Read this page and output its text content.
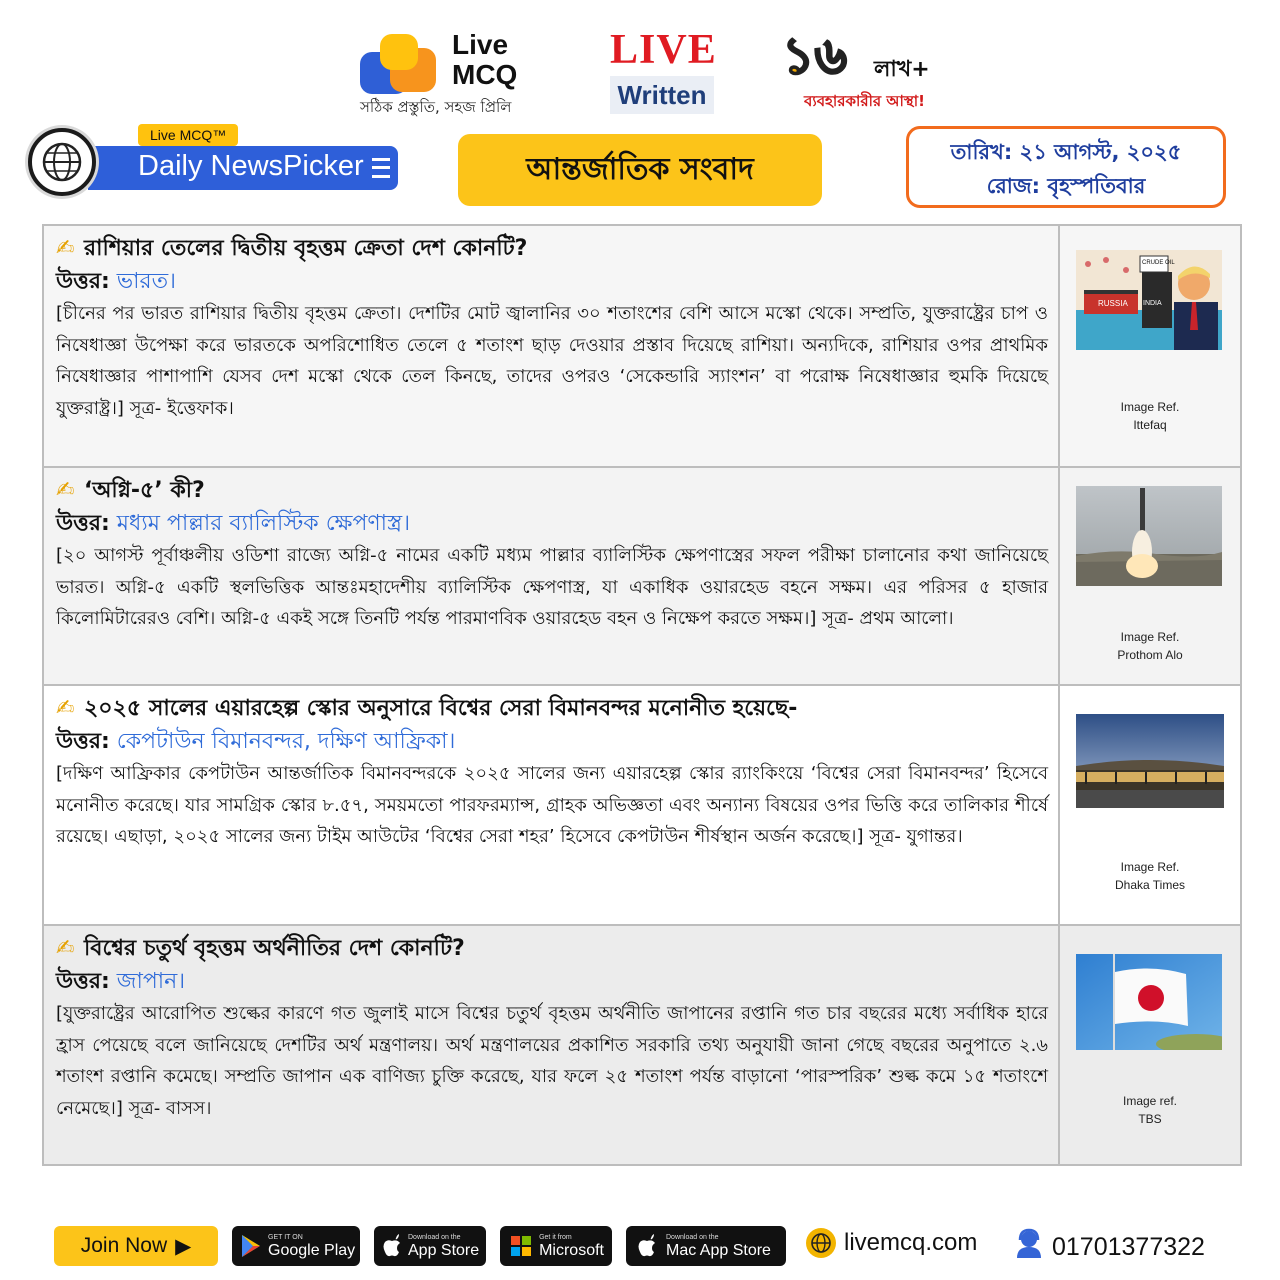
Live
MCQ
সঠিক প্রস্তুতি, সহজ প্রিলি
LIVE
Written
১৬ লাখ+
ব্যবহারকারীর আস্থা!
Live MCQ™
Daily NewsPicker	আন্তর্জাতিক সংবাদ	তারিখ: ২১ আগস্ট, ২০২৫
রোজ: বৃহস্পতিবার
✍ রাশিয়ার তেলের দ্বিতীয় বৃহত্তম ক্রেতা দেশ কোনটি?
উত্তর: ভারত।
[চীনের পর ভারত রাশিয়ার দ্বিতীয় বৃহত্তম ক্রেতা। দেশটির মোট জ্বালানির ৩০ শতাংশের বেশি আসে মস্কো থেকে। সম্প্রতি, যুক্তরাষ্ট্রের চাপ ও নিষেধাজ্ঞা উপেক্ষা করে ভারতকে অপরিশোধিত তেলে ৫ শতাংশ ছাড় দেওয়ার প্রস্তাব দিয়েছে রাশিয়া। অন্যদিকে, রাশিয়ার ওপর প্রাথমিক নিষেধাজ্ঞার পাশাপাশি যেসব দেশ মস্কো থেকে তেল কিনছে, তাদের ওপরও ‘সেকেন্ডারি স্যাংশন’ বা পরোক্ষ নিষেধাজ্ঞার হুমকি দিয়েছে যুক্তরাষ্ট্র।] সূত্র- ইত্তেফাক।
RUSSIA INDIA
CRUDE OIL
Image Ref.
Ittefaq
✍ ‘অগ্নি-৫’ কী?
উত্তর: মধ্যম পাল্লার ব্যালিস্টিক ক্ষেপণাস্ত্র।
[২০ আগস্ট পূর্বাঞ্চলীয় ওডিশা রাজ্যে অগ্নি-৫ নামের একটি মধ্যম পাল্লার ব্যালিস্টিক ক্ষেপণাস্ত্রের সফল পরীক্ষা চালানোর কথা জানিয়েছে ভারত। অগ্নি-৫ একটি স্থলভিত্তিক আন্তঃমহাদেশীয় ব্যালিস্টিক ক্ষেপণাস্ত্র, যা একাধিক ওয়ারহেড বহনে সক্ষম। এর পরিসর ৫ হাজার কিলোমিটারেরও বেশি। অগ্নি-৫ একই সঙ্গে তিনটি পর্যন্ত পারমাণবিক ওয়ারহেড বহন ও নিক্ষেপ করতে সক্ষম।] সূত্র- প্রথম আলো।
Image Ref.
Prothom Alo
✍ ২০২৫ সালের এয়ারহেল্প স্কোর অনুসারে বিশ্বের সেরা বিমানবন্দর মনোনীত হয়েছে-
উত্তর: কেপটাউন বিমানবন্দর, দক্ষিণ আফ্রিকা।
[দক্ষিণ আফ্রিকার কেপটাউন আন্তর্জাতিক বিমানবন্দরকে ২০২৫ সালের জন্য এয়ারহেল্প স্কোর র‍্যাংকিংয়ে ‘বিশ্বের সেরা বিমানবন্দর’ হিসেবে মনোনীত করেছে। যার সামগ্রিক স্কোর ৮.৫৭, সময়মতো পারফরম্যান্স, গ্রাহক অভিজ্ঞতা এবং অন্যান্য বিষয়ের ওপর ভিত্তি করে তালিকার শীর্ষে রয়েছে। এছাড়া, ২০২৫ সালের জন্য টাইম আউটের ‘বিশ্বের সেরা শহর’ হিসেবে কেপটাউন শীর্ষস্থান অর্জন করেছে।] সূত্র- যুগান্তর।
Image Ref.
Dhaka Times
✍ বিশ্বের চতুর্থ বৃহত্তম অর্থনীতির দেশ কোনটি?
উত্তর: জাপান।
[যুক্তরাষ্ট্রের আরোপিত শুল্কের কারণে গত জুলাই মাসে বিশ্বের চতুর্থ বৃহত্তম অর্থনীতি জাপানের রপ্তানি গত চার বছরের মধ্যে সর্বাধিক হারে হ্রাস পেয়েছে বলে জানিয়েছে দেশটির অর্থ মন্ত্রণালয়। অর্থ মন্ত্রণালয়ের প্রকাশিত সরকারি তথ্য অনুযায়ী জানা গেছে বছরের অনুপাতে ২.৬ শতাংশ রপ্তানি কমেছে। সম্প্রতি জাপান এক বাণিজ্য চুক্তি করেছে, যার ফলে ২৫ শতাংশ পর্যন্ত বাড়ানো ‘পারস্পরিক’ শুল্ক কমে ১৫ শতাংশে নেমেছে।] সূত্র- বাসস।	Image ref.
TBS
Join Now ▶	GET IT ON
Google Play
Download on the
App Store
Get it from
Microsoft
Download on the
Mac App Store	livemcq.com	01701377322
